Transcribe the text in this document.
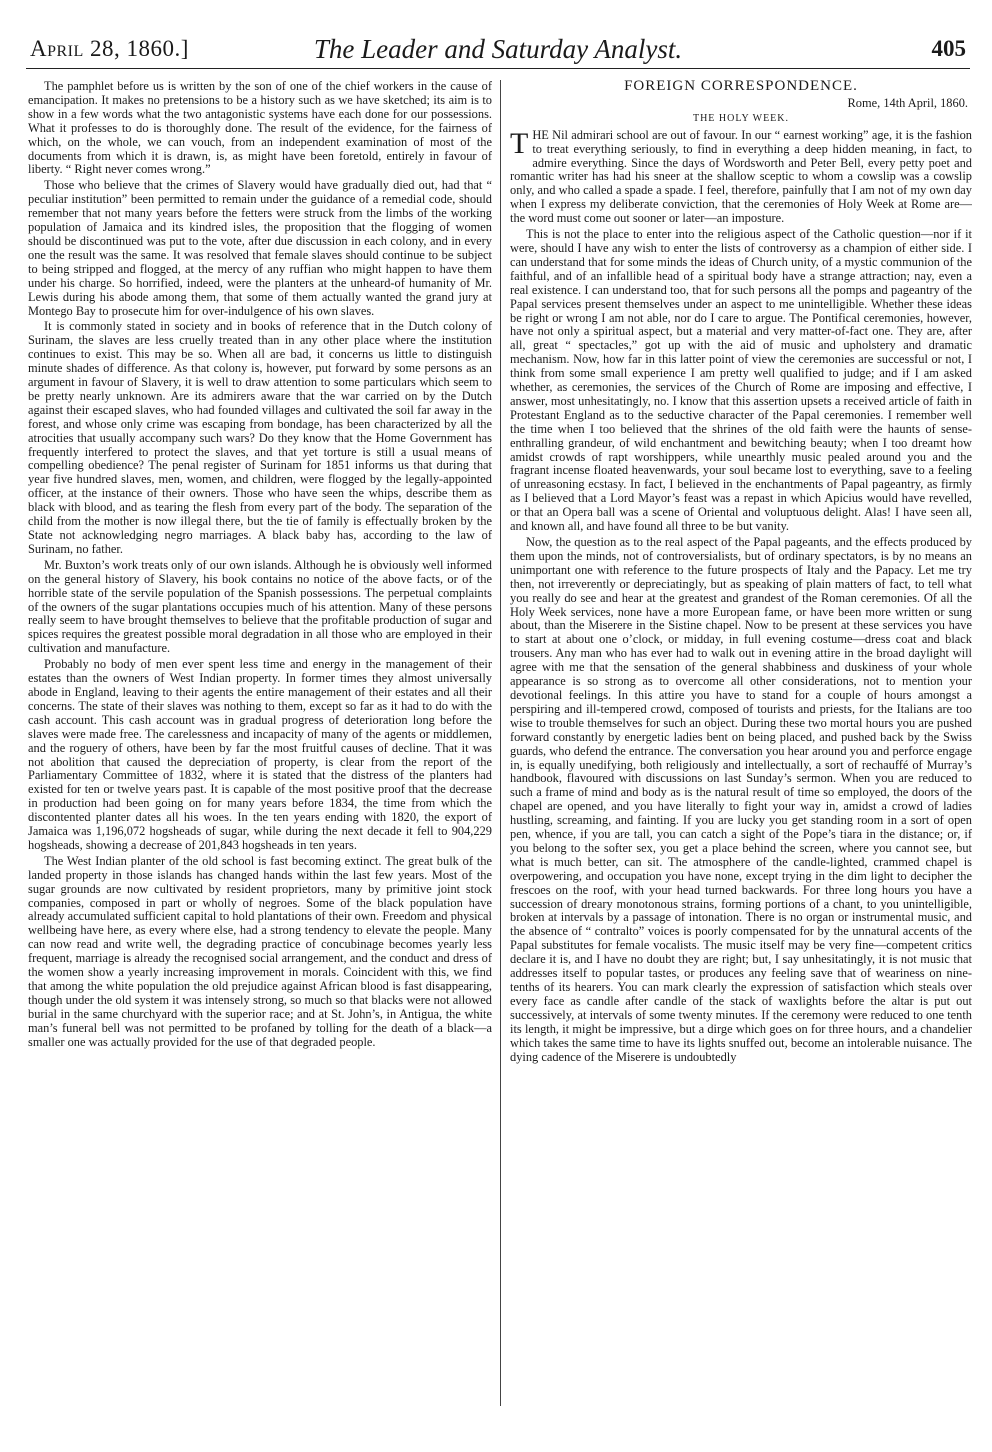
April 28, 1860.]	The Leader and Saturday Analyst.	405

The pamphlet before us is written by the son of one of the chief workers in the cause of emancipation. It makes no pretensions to be a history such as we have sketched; its aim is to show in a few words what the two antagonistic systems have each done for our possessions. What it professes to do is thoroughly done. The result of the evidence, for the fairness of which, on the whole, we can vouch, from an independent examination of most of the documents from which it is drawn, is, as might have been foretold, entirely in favour of liberty. “ Right never comes wrong.”

Those who believe that the crimes of Slavery would have gradually died out, had that “ peculiar institution” been permitted to remain under the guidance of a remedial code, should remember that not many years before the fetters were struck from the limbs of the working population of Jamaica and its kindred isles, the proposition that the flogging of women should be discontinued was put to the vote, after due discussion in each colony, and in every one the result was the same. It was resolved that female slaves should continue to be subject to being stripped and flogged, at the mercy of any ruffian who might happen to have them under his charge. So horrified, indeed, were the planters at the unheard-of humanity of Mr. Lewis during his abode among them, that some of them actually wanted the grand jury at Montego Bay to prosecute him for over-indulgence of his own slaves.

It is commonly stated in society and in books of reference that in the Dutch colony of Surinam, the slaves are less cruelly treated than in any other place where the institution continues to exist. This may be so. When all are bad, it concerns us little to distinguish minute shades of difference. As that colony is, however, put forward by some persons as an argument in favour of Slavery, it is well to draw attention to some particulars which seem to be pretty nearly unknown. Are its admirers aware that the war carried on by the Dutch against their escaped slaves, who had founded villages and cultivated the soil far away in the forest, and whose only crime was escaping from bondage, has been characterized by all the atrocities that usually accompany such wars? Do they know that the Home Government has frequently interfered to protect the slaves, and that yet torture is still a usual means of compelling obedience? The penal register of Surinam for 1851 informs us that during that year five hundred slaves, men, women, and children, were flogged by the legally-appointed officer, at the instance of their owners. Those who have seen the whips, describe them as black with blood, and as tearing the flesh from every part of the body. The separation of the child from the mother is now illegal there, but the tie of family is effectually broken by the State not acknowledging negro marriages. A black baby has, according to the law of Surinam, no father.

Mr. Buxton’s work treats only of our own islands. Although he is obviously well informed on the general history of Slavery, his book contains no notice of the above facts, or of the horrible state of the servile population of the Spanish possessions. The perpetual complaints of the owners of the sugar plantations occupies much of his attention. Many of these persons really seem to have brought themselves to believe that the profitable production of sugar and spices requires the greatest possible moral degradation in all those who are employed in their cultivation and manufacture.

Probably no body of men ever spent less time and energy in the management of their estates than the owners of West Indian property. In former times they almost universally abode in England, leaving to their agents the entire management of their estates and all their concerns. The state of their slaves was nothing to them, except so far as it had to do with the cash account. This cash account was in gradual progress of deterioration long before the slaves were made free. The carelessness and incapacity of many of the agents or middlemen, and the roguery of others, have been by far the most fruitful causes of decline. That it was not abolition that caused the depreciation of property, is clear from the report of the Parliamentary Committee of 1832, where it is stated that the distress of the planters had existed for ten or twelve years past. It is capable of the most positive proof that the decrease in production had been going on for many years before 1834, the time from which the discontented planter dates all his woes. In the ten years ending with 1820, the export of Jamaica was 1,196,072 hogsheads of sugar, while during the next decade it fell to 904,229 hogsheads, showing a decrease of 201,843 hogsheads in ten years.

The West Indian planter of the old school is fast becoming extinct. The great bulk of the landed property in those islands has changed hands within the last few years. Most of the sugar grounds are now cultivated by resident proprietors, many by primitive joint stock companies, composed in part or wholly of negroes. Some of the black population have already accumulated sufficient capital to hold plantations of their own. Freedom and physical wellbeing have here, as every where else, had a strong tendency to elevate the people. Many can now read and write well, the degrading practice of concubinage becomes yearly less frequent, marriage is already the recognised social arrangement, and the conduct and dress of the women show a yearly increasing improvement in morals. Coincident with this, we find that among the white population the old prejudice against African blood is fast disappearing, though under the old system it was intensely strong, so much so that blacks were not allowed burial in the same churchyard with the superior race; and at St. John’s, in Antigua, the white man’s funeral bell was not permitted to be profaned by tolling for the death of a black—a smaller one was actually provided for the use of that degraded people.

FOREIGN CORRESPONDENCE.
Rome, 14th April, 1860.
THE HOLY WEEK.

THE Nil admirari school are out of favour. In our “ earnest working” age, it is the fashion to treat everything seriously, to find in everything a deep hidden meaning, in fact, to admire everything. Since the days of Wordsworth and Peter Bell, every petty poet and romantic writer has had his sneer at the shallow sceptic to whom a cowslip was a cowslip only, and who called a spade a spade. I feel, therefore, painfully that I am not of my own day when I express my deliberate conviction, that the ceremonies of Holy Week at Rome are—the word must come out sooner or later—an imposture.

This is not the place to enter into the religious aspect of the Catholic question—nor if it were, should I have any wish to enter the lists of controversy as a champion of either side. I can understand that for some minds the ideas of Church unity, of a mystic communion of the faithful, and of an infallible head of a spiritual body have a strange attraction; nay, even a real existence. I can understand too, that for such persons all the pomps and pageantry of the Papal services present themselves under an aspect to me unintelligible. Whether these ideas be right or wrong I am not able, nor do I care to argue. The Pontifical ceremonies, however, have not only a spiritual aspect, but a material and very matter-of-fact one. They are, after all, great “ spectacles,” got up with the aid of music and upholstery and dramatic mechanism. Now, how far in this latter point of view the ceremonies are successful or not, I think from some small experience I am pretty well qualified to judge; and if I am asked whether, as ceremonies, the services of the Church of Rome are imposing and effective, I answer, most unhesitatingly, no. I know that this assertion upsets a received article of faith in Protestant England as to the seductive character of the Papal ceremonies. I remember well the time when I too believed that the shrines of the old faith were the haunts of sense-enthralling grandeur, of wild enchantment and bewitching beauty; when I too dreamt how amidst crowds of rapt worshippers, while unearthly music pealed around you and the fragrant incense floated heavenwards, your soul became lost to everything, save to a feeling of unreasoning ecstasy. In fact, I believed in the enchantments of Papal pageantry, as firmly as I believed that a Lord Mayor’s feast was a repast in which Apicius would have revelled, or that an Opera ball was a scene of Oriental and voluptuous delight. Alas! I have seen all, and known all, and have found all three to be but vanity.

Now, the question as to the real aspect of the Papal pageants, and the effects produced by them upon the minds, not of controversialists, but of ordinary spectators, is by no means an unimportant one with reference to the future prospects of Italy and the Papacy. Let me try then, not irreverently or depreciatingly, but as speaking of plain matters of fact, to tell what you really do see and hear at the greatest and grandest of the Roman ceremonies. Of all the Holy Week services, none have a more European fame, or have been more written or sung about, than the Miserere in the Sistine chapel. Now to be present at these services you have to start at about one o’clock, or midday, in full evening costume—dress coat and black trousers. Any man who has ever had to walk out in evening attire in the broad daylight will agree with me that the sensation of the general shabbiness and duskiness of your whole appearance is so strong as to overcome all other considerations, not to mention your devotional feelings. In this attire you have to stand for a couple of hours amongst a perspiring and ill-tempered crowd, composed of tourists and priests, for the Italians are too wise to trouble themselves for such an object. During these two mortal hours you are pushed forward constantly by energetic ladies bent on being placed, and pushed back by the Swiss guards, who defend the entrance. The conversation you hear around you and perforce engage in, is equally unedifying, both religiously and intellectually, a sort of rechauffé of Murray’s handbook, flavoured with discussions on last Sunday’s sermon. When you are reduced to such a frame of mind and body as is the natural result of time so employed, the doors of the chapel are opened, and you have literally to fight your way in, amidst a crowd of ladies hustling, screaming, and fainting. If you are lucky you get standing room in a sort of open pen, whence, if you are tall, you can catch a sight of the Pope’s tiara in the distance; or, if you belong to the softer sex, you get a place behind the screen, where you cannot see, but what is much better, can sit. The atmosphere of the candle-lighted, crammed chapel is overpowering, and occupation you have none, except trying in the dim light to decipher the frescoes on the roof, with your head turned backwards. For three long hours you have a succession of dreary monotonous strains, forming portions of a chant, to you unintelligible, broken at intervals by a passage of intonation. There is no organ or instrumental music, and the absence of “ contralto” voices is poorly compensated for by the unnatural accents of the Papal substitutes for female vocalists. The music itself may be very fine—competent critics declare it is, and I have no doubt they are right; but, I say unhesitatingly, it is not music that addresses itself to popular tastes, or produces any feeling save that of weariness on nine-tenths of its hearers. You can mark clearly the expression of satisfaction which steals over every face as candle after candle of the stack of waxlights before the altar is put out successively, at intervals of some twenty minutes. If the ceremony were reduced to one tenth its length, it might be impressive, but a dirge which goes on for three hours, and a chandelier which takes the same time to have its lights snuffed out, become an intolerable nuisance. The dying cadence of the Miserere is undoubtedly
